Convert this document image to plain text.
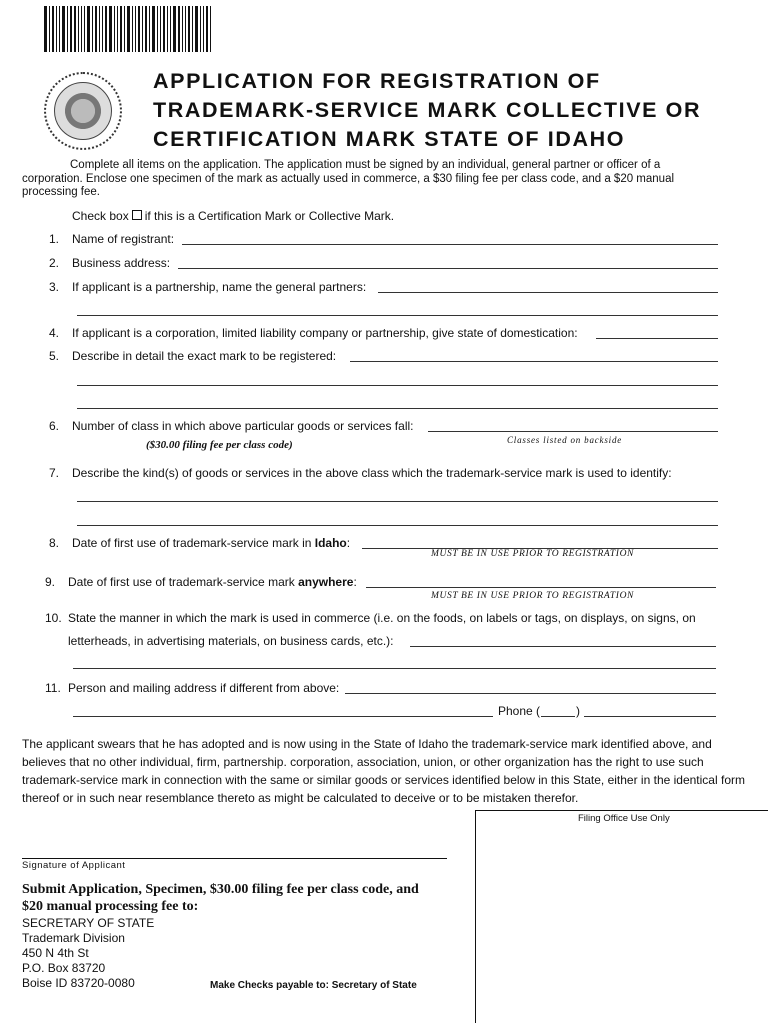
APPLICATION FOR REGISTRATION OF
TRADEMARK-SERVICE MARK COLLECTIVE OR
CERTIFICATION MARK STATE OF IDAHO
Complete all items on the application. The application must be signed by an individual, general partner or officer of a corporation. Enclose one specimen of the mark as actually used in commerce, a $30 filing fee per class code, and a $20 manual processing fee.
Check box if this is a Certification Mark or Collective Mark.
1. Name of registrant:
2. Business address:
3. If applicant is a partnership, name the general partners:
4. If applicant is a corporation, limited liability company or partnership, give state of domestication:
5. Describe in detail the exact mark to be registered:
6. Number of class in which above particular goods or services fall:
($30.00 filing fee per class code)	Classes listed on backside
7. Describe the kind(s) of goods or services in the above class which the trademark-service mark is used to identify:
8. Date of first use of trademark-service mark in Idaho:
MUST BE IN USE PRIOR TO REGISTRATION
9. Date of first use of trademark-service mark anywhere:
MUST BE IN USE PRIOR TO REGISTRATION
10. State the manner in which the mark is used in commerce (i.e. on the foods, on labels or tags, on displays, on signs, on
letterheads, in advertising materials, on business cards, etc.):
11. Person and mailing address if different from above:
Phone (	)
The applicant swears that he has adopted and is now using in the State of Idaho the trademark-service mark identified above, and believes that no other individual, firm, partnership. corporation, association, union, or other organization has the right to use such trademark-service mark in connection with the same or similar goods or services identified below in this State, either in the identical form thereof or in such near resemblance thereto as might be calculated to deceive or to be mistaken therefor.
Filing Office Use Only
Signature of Applicant
Submit Application, Specimen, $30.00 filing fee per class code, and
$20 manual processing fee to:
SECRETARY OF STATE
Trademark Division
450 N 4th St
P.O. Box 83720
Boise ID 83720-0080	Make Checks payable to: Secretary of State
